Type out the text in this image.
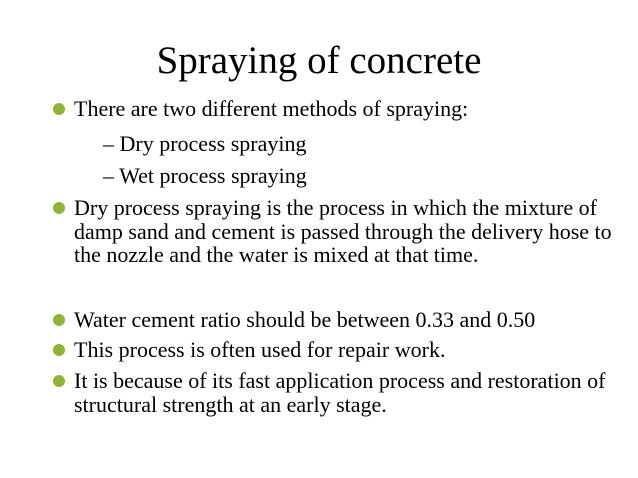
Spraying of concrete
There are two different methods of spraying:
– Dry process spraying
– Wet process spraying
Dry process spraying is the process in which the mixture of damp sand and cement is passed through the delivery hose to the nozzle and the water is mixed at that time.
Water cement ratio should be between 0.33 and 0.50
This process is often used for repair work.
It is because of its fast application process and restoration of structural strength at an early stage.
